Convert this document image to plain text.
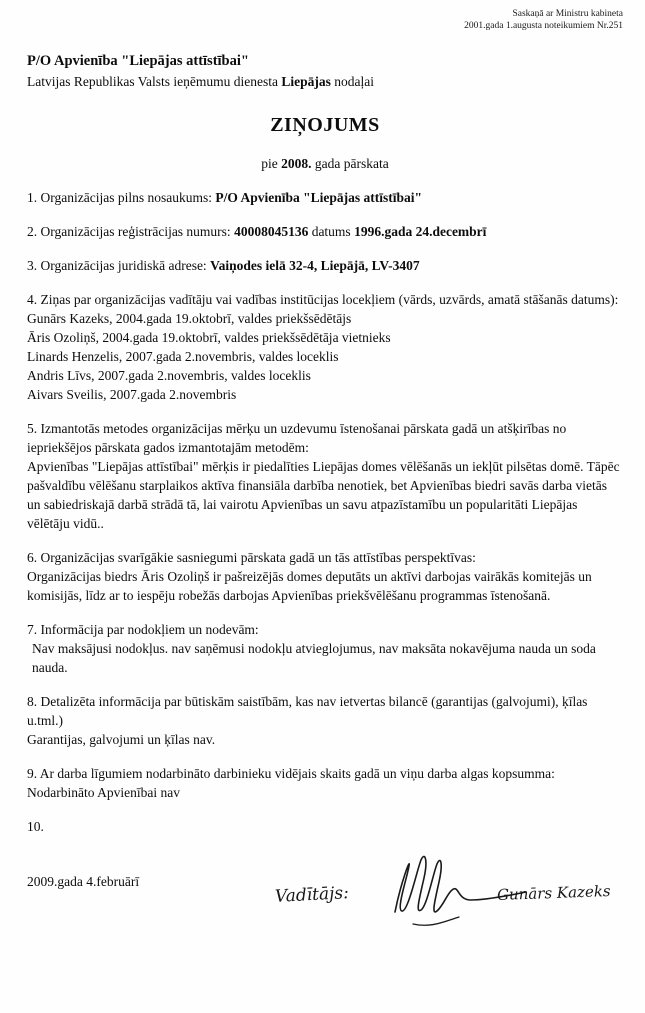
Saskaņā ar Ministru kabineta
2001.gada 1.augusta noteikumiem Nr.251
P/O Apvienība "Liepājas attīstībai"
Latvijas Republikas Valsts ieņēmumu dienesta Liepājas nodaļai
ZIŅOJUMS
pie 2008. gada pārskata

1. Organizācijas pilns nosaukums: P/O Apvienība "Liepājas attīstībai"

2. Organizācijas reģistrācijas numurs: 40008045136 datums 1996.gada 24.decembrī

3. Organizācijas juridiskā adrese: Vaiņodes ielā 32-4, Liepājā, LV-3407

4. Ziņas par organizācijas vadītāju vai vadības institūcijas locekļiem (vārds, uzvārds, amatā stāšanās datums):

Gunārs Kazeks, 2004.gada 19.oktobrī, valdes priekšsēdētājs
Āris Ozoliņš, 2004.gada 19.oktobrī, valdes priekšsēdētāja vietnieks
Linards Henzelis, 2007.gada 2.novembris, valdes loceklis
Andris Līvs, 2007.gada 2.novembris, valdes loceklis
Aivars Sveilis, 2007.gada 2.novembris

5. Izmantotās metodes organizācijas mērķu un uzdevumu īstenošanai pārskata gadā un atšķirības no iepriekšējos pārskata gados izmantotajām metodēm:

Apvienības "Liepājas attīstībai" mērķis ir piedalīties Liepājas domes vēlēšanās un iekļūt pilsētas domē. Tāpēc pašvaldību vēlēšanu starplaikos aktīva finansiāla darbība nenotiek, bet Apvienības biedri savās darba vietās un sabiedriskajā darbā strādā tā, lai vairotu Apvienības un savu atpazīstamību un popularitāti Liepājas vēlētāju vidū..

6. Organizācijas svarīgākie sasniegumi pārskata gadā un tās attīstības perspektīvas:

Organizācijas biedrs Āris Ozoliņš ir pašreizējās domes deputāts un aktīvi darbojas vairākās komitejās un komisijās, līdz ar to iespēju robežās darbojas Apvienības priekšvēlēšanu programmas īstenošanā.

7. Informācija par nodokļiem un nodevām:

Nav maksājusi nodokļus. nav saņēmusi nodokļu atvieglojumus, nav maksāta nokavējuma nauda un soda nauda.

8. Detalizēta informācija par būtiskām saistībām, kas nav ietvertas bilancē (garantijas (galvojumi), ķīlas u.tml.)

Garantijas, galvojumi un ķīlas nav.

9. Ar darba līgumiem nodarbināto darbinieku vidējais skaits gadā un viņu darba algas kopsumma:

Nodarbināto Apvienībai nav

10.

2009.gada 4.februārī
Vadītājs:	Gunārs Kazeks
